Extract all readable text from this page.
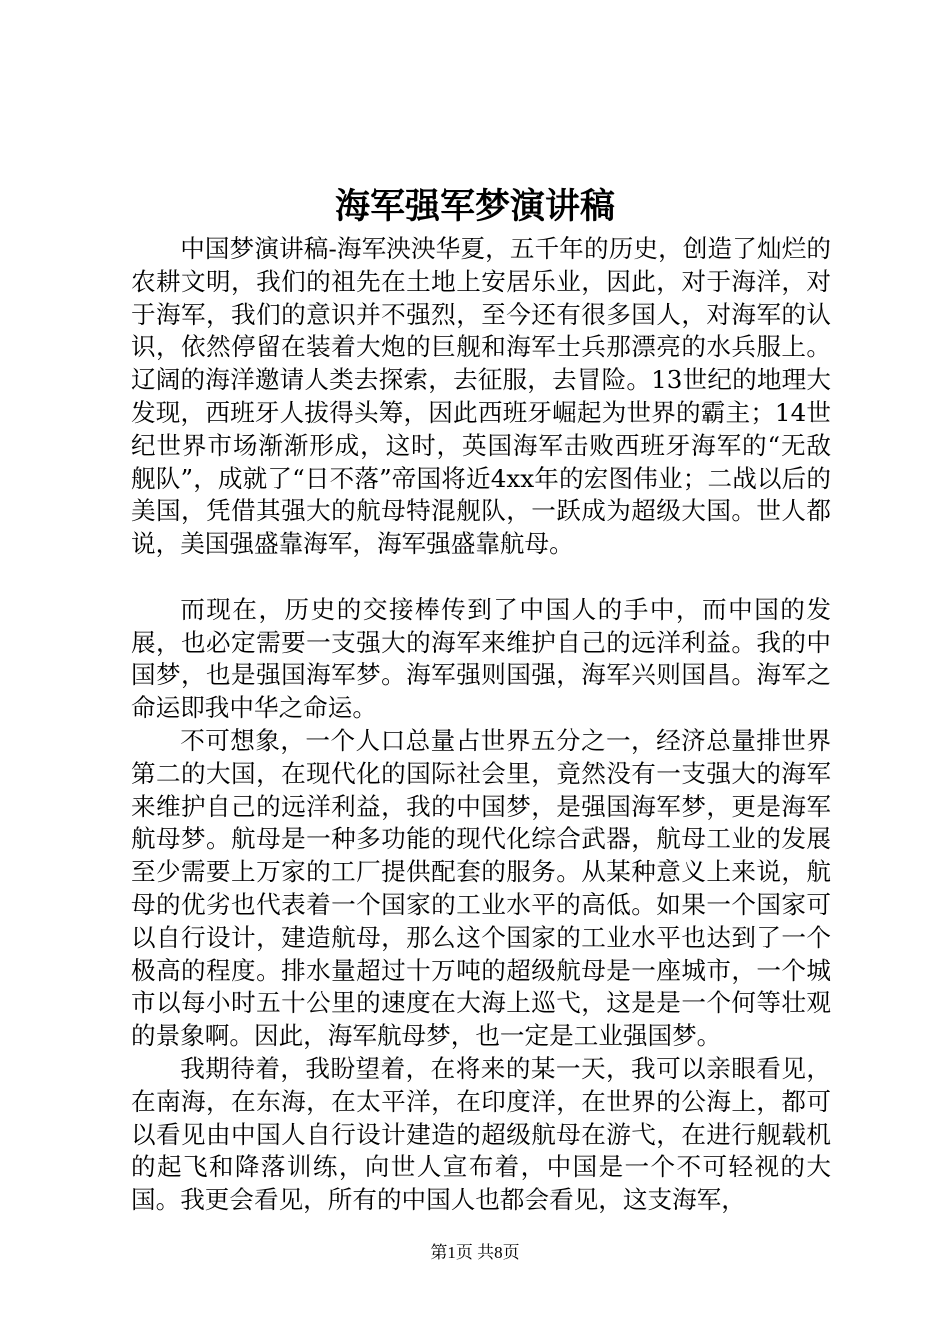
海军强军梦演讲稿

中国梦演讲稿-海军泱泱华夏，五千年的历史，创造了灿烂的农耕文明，我们的祖先在土地上安居乐业，因此，对于海洋，对于海军，我们的意识并不强烈，至今还有很多国人，对海军的认识，依然停留在装着大炮的巨舰和海军士兵那漂亮的水兵服上。辽阔的海洋邀请人类去探索，去征服，去冒险。13世纪的地理大发现，西班牙人拔得头筹，因此西班牙崛起为世界的霸主；14世纪世界市场渐渐形成，这时，英国海军击败西班牙海军的“无敌舰队”，成就了“日不落”帝国将近4xx年的宏图伟业；二战以后的美国，凭借其强大的航母特混舰队，一跃成为超级大国。世人都说，美国强盛靠海军，海军强盛靠航母。

而现在，历史的交接棒传到了中国人的手中，而中国的发展，也必定需要一支强大的海军来维护自己的远洋利益。我的中国梦，也是强国海军梦。海军强则国强，海军兴则国昌。海军之命运即我中华之命运。

不可想象，一个人口总量占世界五分之一，经济总量排世界第二的大国，在现代化的国际社会里，竟然没有一支强大的海军来维护自己的远洋利益，我的中国梦，是强国海军梦，更是海军航母梦。航母是一种多功能的现代化综合武器，航母工业的发展至少需要上万家的工厂提供配套的服务。从某种意义上来说，航母的优劣也代表着一个国家的工业水平的高低。如果一个国家可以自行设计，建造航母，那么这个国家的工业水平也达到了一个极高的程度。排水量超过十万吨的超级航母是一座城市，一个城市以每小时五十公里的速度在大海上巡弋，这是是一个何等壮观的景象啊。因此，海军航母梦，也一定是工业强国梦。

我期待着，我盼望着，在将来的某一天，我可以亲眼看见，在南海，在东海，在太平洋，在印度洋，在世界的公海上，都可以看见由中国人自行设计建造的超级航母在游弋，在进行舰载机的起飞和降落训练，向世人宣布着，中国是一个不可轻视的大国。我更会看见，所有的中国人也都会看见，这支海军，

第1页 共8页
